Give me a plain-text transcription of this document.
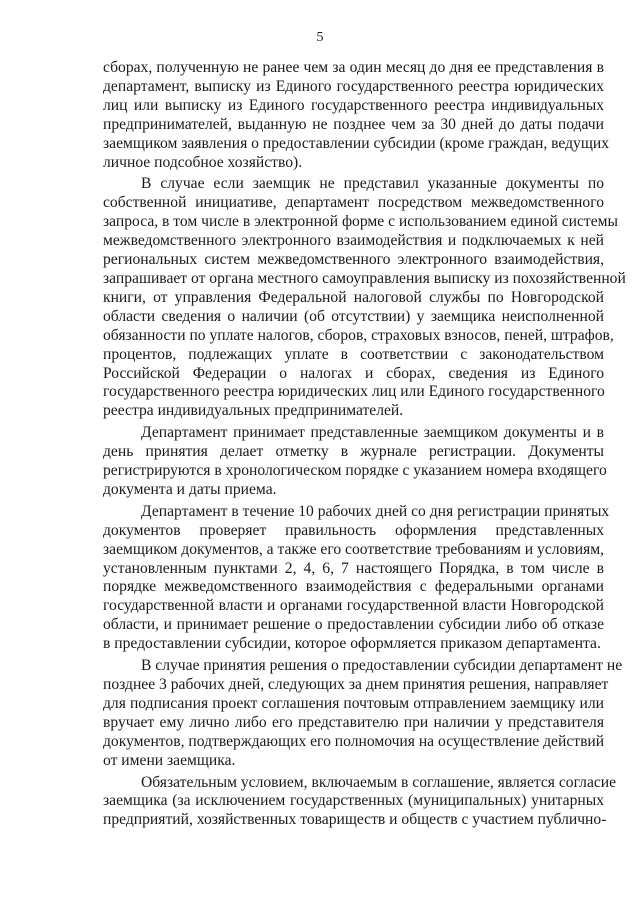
5
сборах, полученную не ранее чем за один месяц до дня ее представления в
департамент, выписку из Единого государственного реестра юридических
лиц или выписку из Единого государственного реестра индивидуальных
предпринимателей, выданную не позднее чем за 30 дней до даты подачи
заемщиком заявления о предоставлении субсидии (кроме граждан, ведущих
личное подсобное хозяйство).
В случае если заемщик не представил указанные документы по
собственной инициативе, департамент посредством межведомственного
запроса, в том числе в электронной форме с использованием единой системы
межведомственного электронного взаимодействия и подключаемых к ней
региональных систем межведомственного электронного взаимодействия,
запрашивает от органа местного самоуправления выписку из похозяйственной
книги, от управления Федеральной налоговой службы по Новгородской
области сведения о наличии (об отсутствии) у заемщика неисполненной
обязанности по уплате налогов, сборов, страховых взносов, пеней, штрафов,
процентов, подлежащих уплате в соответствии с законодательством
Российской Федерации о налогах и сборах, сведения из Единого
государственного реестра юридических лиц или Единого государственного
реестра индивидуальных предпринимателей.
Департамент принимает представленные заемщиком документы и в
день принятия делает отметку в журнале регистрации. Документы
регистрируются в хронологическом порядке с указанием номера входящего
документа и даты приема.
Департамент в течение 10 рабочих дней со дня регистрации принятых
документов проверяет правильность оформления представленных
заемщиком документов, а также его соответствие требованиям и условиям,
установленным пунктами 2, 4, 6, 7 настоящего Порядка, в том числе в
порядке межведомственного взаимодействия с федеральными органами
государственной власти и органами государственной власти Новгородской
области, и принимает решение о предоставлении субсидии либо об отказе
в предоставлении субсидии, которое оформляется приказом департамента.
В случае принятия решения о предоставлении субсидии департамент не
позднее 3 рабочих дней, следующих за днем принятия решения, направляет
для подписания проект соглашения почтовым отправлением заемщику или
вручает ему лично либо его представителю при наличии у представителя
документов, подтверждающих его полномочия на осуществление действий
от имени заемщика.
Обязательным условием, включаемым в соглашение, является согласие
заемщика (за исключением государственных (муниципальных) унитарных
предприятий, хозяйственных товариществ и обществ с участием публично-
